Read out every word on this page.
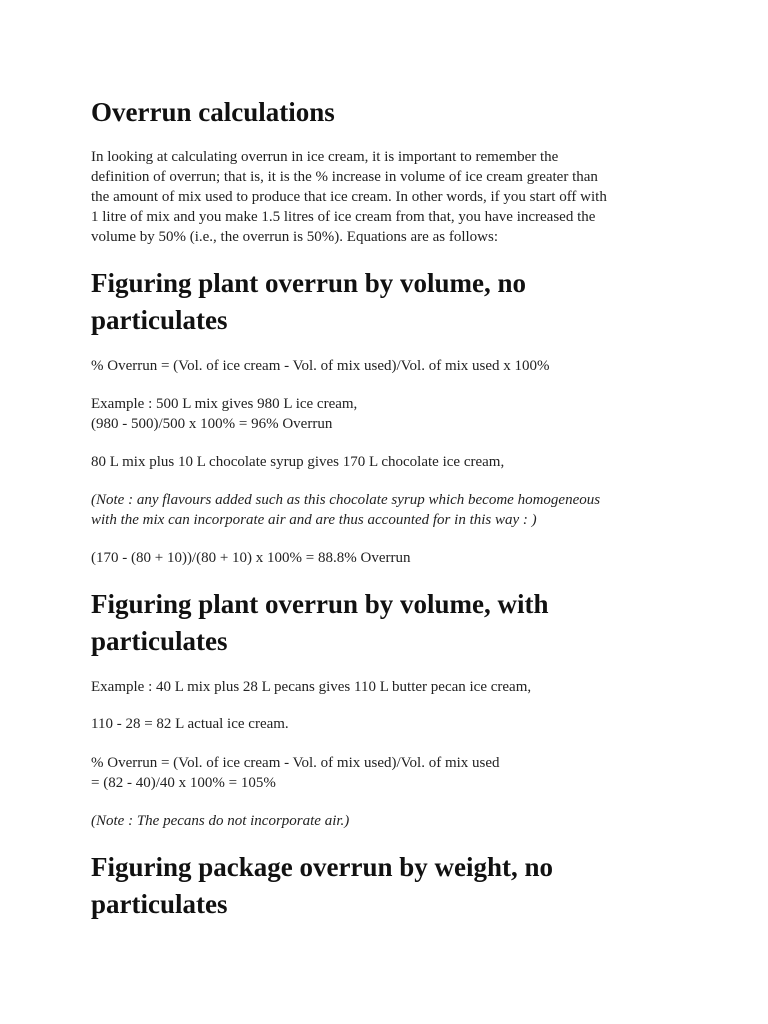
Overrun calculations

In looking at calculating overrun in ice cream, it is important to remember the
definition of overrun; that is, it is the % increase in volume of ice cream greater than
the amount of mix used to produce that ice cream. In other words, if you start off with
1 litre of mix and you make 1.5 litres of ice cream from that, you have increased the
volume by 50% (i.e., the overrun is 50%). Equations are as follows:

Figuring plant overrun by volume, no
particulates

% Overrun = (Vol. of ice cream - Vol. of mix used)/Vol. of mix used x 100%

Example : 500 L mix gives 980 L ice cream,
(980 - 500)/500 x 100% = 96% Overrun

80 L mix plus 10 L chocolate syrup gives 170 L chocolate ice cream,

(Note : any flavours added such as this chocolate syrup which become homogeneous
with the mix can incorporate air and are thus accounted for in this way : )

(170 - (80 + 10))/(80 + 10) x 100% = 88.8% Overrun

Figuring plant overrun by volume, with
particulates

Example : 40 L mix plus 28 L pecans gives 110 L butter pecan ice cream,

110 - 28 = 82 L actual ice cream.

% Overrun = (Vol. of ice cream - Vol. of mix used)/Vol. of mix used
= (82 - 40)/40 x 100% = 105%

(Note : The pecans do not incorporate air.)

Figuring package overrun by weight, no
particulates
